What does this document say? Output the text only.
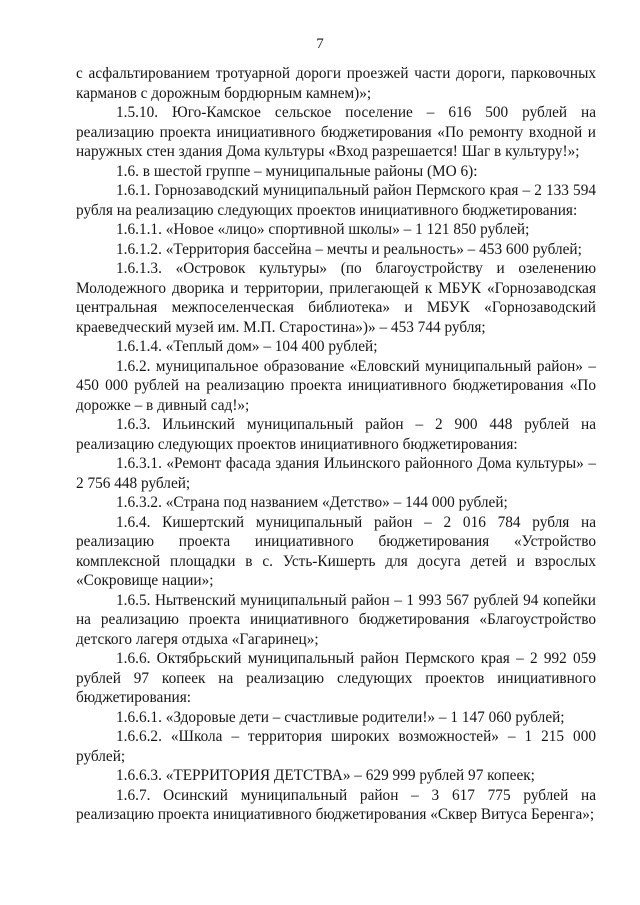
7

с асфальтированием тротуарной дороги проезжей части дороги, парковочных карманов с дорожным бордюрным камнем)»;

1.5.10. Юго-Камское сельское поселение – 616 500 рублей на реализацию проекта инициативного бюджетирования «По ремонту входной и наружных стен здания Дома культуры «Вход разрешается! Шаг в культуру!»;

1.6. в шестой группе – муниципальные районы (МО 6):

1.6.1. Горнозаводский муниципальный район Пермского края – 2 133 594 рубля на реализацию следующих проектов инициативного бюджетирования:

1.6.1.1. «Новое «лицо» спортивной школы» – 1 121 850 рублей;

1.6.1.2. «Территория бассейна – мечты и реальность» – 453 600 рублей;

1.6.1.3. «Островок культуры» (по благоустройству и озеленению Молодежного дворика и территории, прилегающей к МБУК «Горнозаводская центральная межпоселенческая библиотека» и МБУК «Горнозаводский краеведческий музей им. М.П. Старостина»)» – 453 744 рубля;

1.6.1.4. «Теплый дом» – 104 400 рублей;

1.6.2. муниципальное образование «Еловский муниципальный район» – 450 000 рублей на реализацию проекта инициативного бюджетирования «По дорожке – в дивный сад!»;

1.6.3. Ильинский муниципальный район – 2 900 448 рублей на реализацию следующих проектов инициативного бюджетирования:

1.6.3.1. «Ремонт фасада здания Ильинского районного Дома культуры» – 2 756 448 рублей;

1.6.3.2. «Страна под названием «Детство» – 144 000 рублей;

1.6.4. Кишертский муниципальный район – 2 016 784 рубля на реализацию проекта инициативного бюджетирования «Устройство комплексной площадки в с. Усть-Кишерть для досуга детей и взрослых «Сокровище нации»;

1.6.5. Нытвенский муниципальный район – 1 993 567 рублей 94 копейки на реализацию проекта инициативного бюджетирования «Благоустройство детского лагеря отдыха «Гагаринец»;

1.6.6. Октябрьский муниципальный район Пермского края – 2 992 059 рублей 97 копеек на реализацию следующих проектов инициативного бюджетирования:

1.6.6.1. «Здоровые дети – счастливые родители!» – 1 147 060 рублей;

1.6.6.2. «Школа – территория широких возможностей» – 1 215 000 рублей;

1.6.6.3. «ТЕРРИТОРИЯ ДЕТСТВА» – 629 999 рублей 97 копеек;

1.6.7. Осинский муниципальный район – 3 617 775 рублей на реализацию проекта инициативного бюджетирования «Сквер Витуса Беренга»;
